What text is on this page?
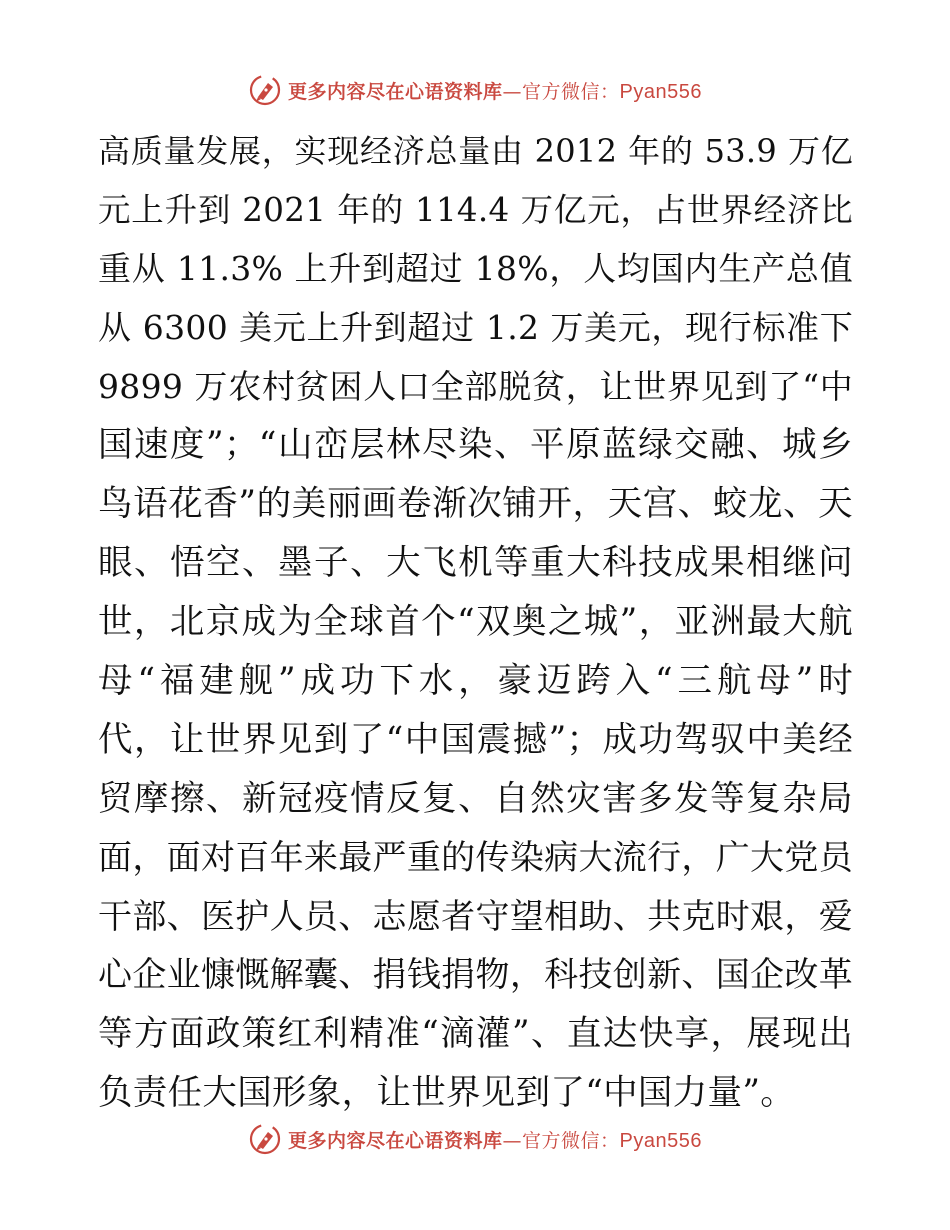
更多内容尽在心语资料库—官方微信：Pyan556
高质量发展，实现经济总量由 2012 年的 53.9 万亿
元上升到 2021 年的 114.4 万亿元，占世界经济比
重从 11.3% 上升到超过 18%，人均国内生产总值
从 6300 美元上升到超过 1.2 万美元，现行标准下
9899 万农村贫困人口全部脱贫，让世界见到了“中
国速度”；“山峦层林尽染、平原蓝绿交融、城乡
鸟语花香”的美丽画卷渐次铺开，天宫、蛟龙、天
眼、悟空、墨子、大飞机等重大科技成果相继问
世，北京成为全球首个“双奥之城”，亚洲最大航
母“福建舰”成功下水，豪迈跨入“三航母”时
代，让世界见到了“中国震撼”；成功驾驭中美经
贸摩擦、新冠疫情反复、自然灾害多发等复杂局
面，面对百年来最严重的传染病大流行，广大党员
干部、医护人员、志愿者守望相助、共克时艰，爱
心企业慷慨解囊、捐钱捐物，科技创新、国企改革
等方面政策红利精准“滴灌”、直达快享，展现出
负责任大国形象，让世界见到了“中国力量”。
更多内容尽在心语资料库—官方微信：Pyan556
